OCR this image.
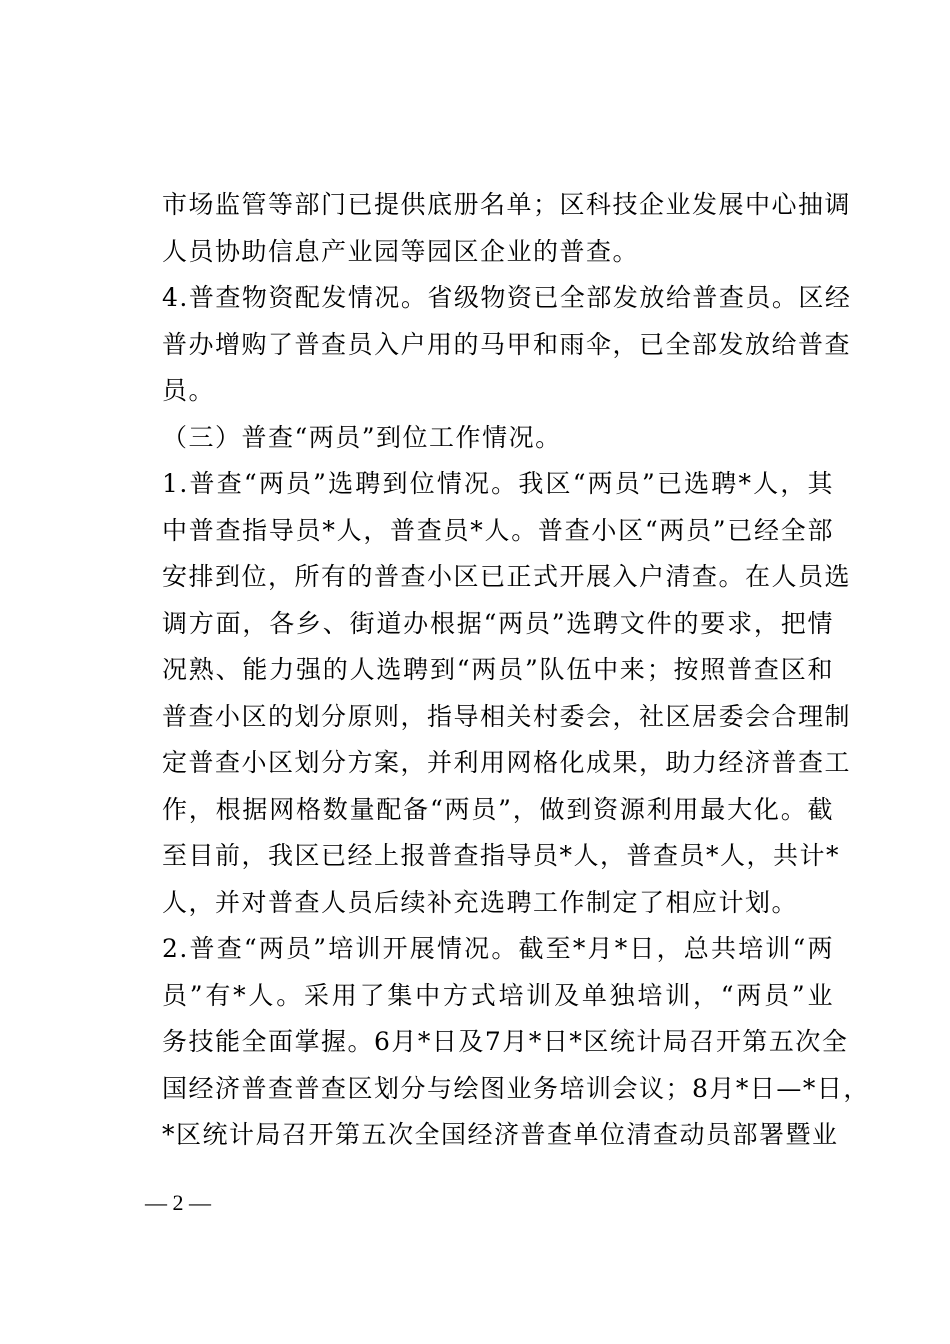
市场监管等部门已提供底册名单；区科技企业发展中心抽调
人员协助信息产业园等园区企业的普查。
4.普查物资配发情况。省级物资已全部发放给普查员。区经
普办增购了普查员入户用的马甲和雨伞，已全部发放给普查
员。
（三）普查“两员”到位工作情况。
1.普查“两员”选聘到位情况。我区“两员”已选聘*人，其
中普查指导员*人，普查员*人。普查小区“两员”已经全部
安排到位，所有的普查小区已正式开展入户清查。在人员选
调方面，各乡、街道办根据“两员”选聘文件的要求，把情
况熟、能力强的人选聘到“两员”队伍中来；按照普查区和
普查小区的划分原则，指导相关村委会，社区居委会合理制
定普查小区划分方案，并利用网格化成果，助力经济普查工
作，根据网格数量配备“两员”，做到资源利用最大化。截
至目前，我区已经上报普查指导员*人，普查员*人，共计*
人，并对普查人员后续补充选聘工作制定了相应计划。
2.普查“两员”培训开展情况。截至*月*日，总共培训“两
员”有*人。采用了集中方式培训及单独培训，“两员”业
务技能全面掌握。6月*日及7月*日*区统计局召开第五次全
国经济普查普查区划分与绘图业务培训会议；8月*日—*日，
*区统计局召开第五次全国经济普查单位清查动员部署暨业
— 2 —
